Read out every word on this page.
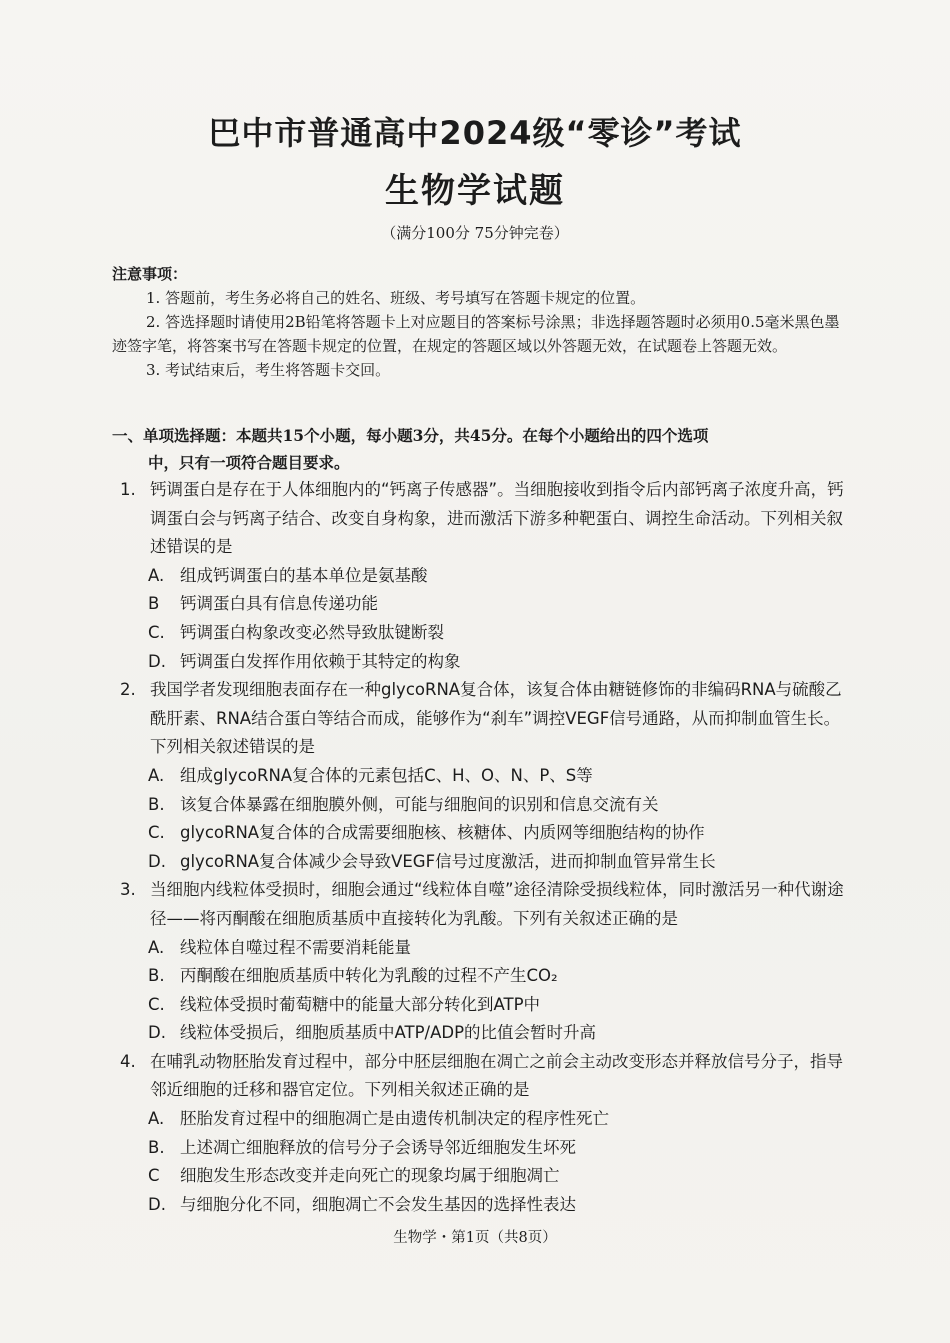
巴中市普通高中2024级“零诊”考试
生物学试题
（满分100分 75分钟完卷）
注意事项：
1. 答题前，考生务必将自己的姓名、班级、考号填写在答题卡规定的位置。
2. 答选择题时请使用2B铅笔将答题卡上对应题目的答案标号涂黑；非选择题答题时必须用0.5毫米黑色墨迹签字笔，将答案书写在答题卡规定的位置，在规定的答题区域以外答题无效，在试题卷上答题无效。
3. 考试结束后，考生将答题卡交回。
一、单项选择题：本题共15个小题，每小题3分，共45分。在每个小题给出的四个选项
中，只有一项符合题目要求。
1. 钙调蛋白是存在于人体细胞内的“钙离子传感器”。当细胞接收到指令后内部钙离子浓度升高，钙调蛋白会与钙离子结合、改变自身构象，进而激活下游多种靶蛋白、调控生命活动。下列相关叙述错误的是
A. 组成钙调蛋白的基本单位是氨基酸
B	钙调蛋白具有信息传递功能
C. 钙调蛋白构象改变必然导致肽键断裂
D. 钙调蛋白发挥作用依赖于其特定的构象
2. 我国学者发现细胞表面存在一种glycoRNA复合体，该复合体由糖链修饰的非编码RNA与硫酸乙酰肝素、RNA结合蛋白等结合而成，能够作为“刹车”调控VEGF信号通路，从而抑制血管生长。下列相关叙述错误的是
A. 组成glycoRNA复合体的元素包括C、H、O、N、P、S等
B. 该复合体暴露在细胞膜外侧，可能与细胞间的识别和信息交流有关
C. glycoRNA复合体的合成需要细胞核、核糖体、内质网等细胞结构的协作
D. glycoRNA复合体减少会导致VEGF信号过度激活，进而抑制血管异常生长
3. 当细胞内线粒体受损时，细胞会通过“线粒体自噬”途径清除受损线粒体，同时激活另一种代谢途径——将丙酮酸在细胞质基质中直接转化为乳酸。下列有关叙述正确的是
A. 线粒体自噬过程不需要消耗能量
B. 丙酮酸在细胞质基质中转化为乳酸的过程不产生CO₂
C. 线粒体受损时葡萄糖中的能量大部分转化到ATP中
D. 线粒体受损后，细胞质基质中ATP/ADP的比值会暂时升高
4. 在哺乳动物胚胎发育过程中，部分中胚层细胞在凋亡之前会主动改变形态并释放信号分子，指导邻近细胞的迁移和器官定位。下列相关叙述正确的是
A. 胚胎发育过程中的细胞凋亡是由遗传机制决定的程序性死亡
B. 上述凋亡细胞释放的信号分子会诱导邻近细胞发生坏死
C	细胞发生形态改变并走向死亡的现象均属于细胞凋亡
D. 与细胞分化不同，细胞凋亡不会发生基因的选择性表达
生物学・第1页（共8页）
